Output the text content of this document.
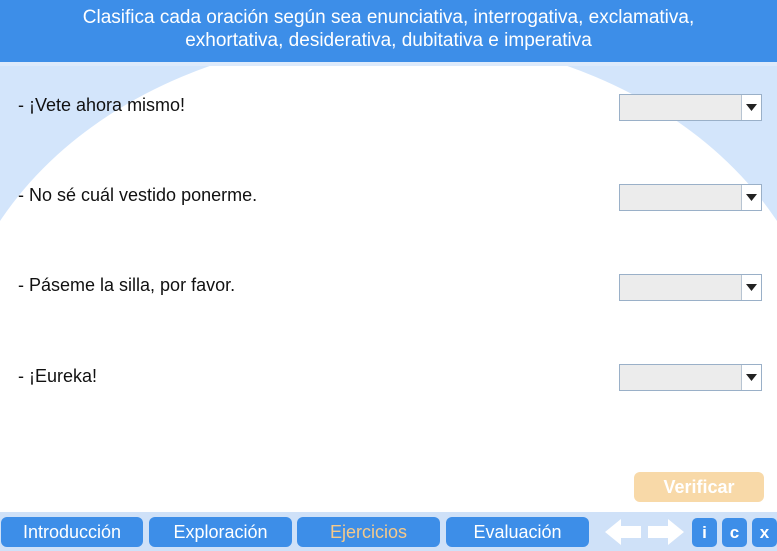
Clasifica cada oración según sea enunciativa, interrogativa, exclamativa,
exhortativa, desiderativa, dubitativa e imperativa
- ¡Vete ahora mismo!
- No sé cuál vestido ponerme.
- Páseme la silla, por favor.
- ¡Eureka!
Verificar
Introducción	Exploración	Ejercicios	Evaluación	i	c	x
